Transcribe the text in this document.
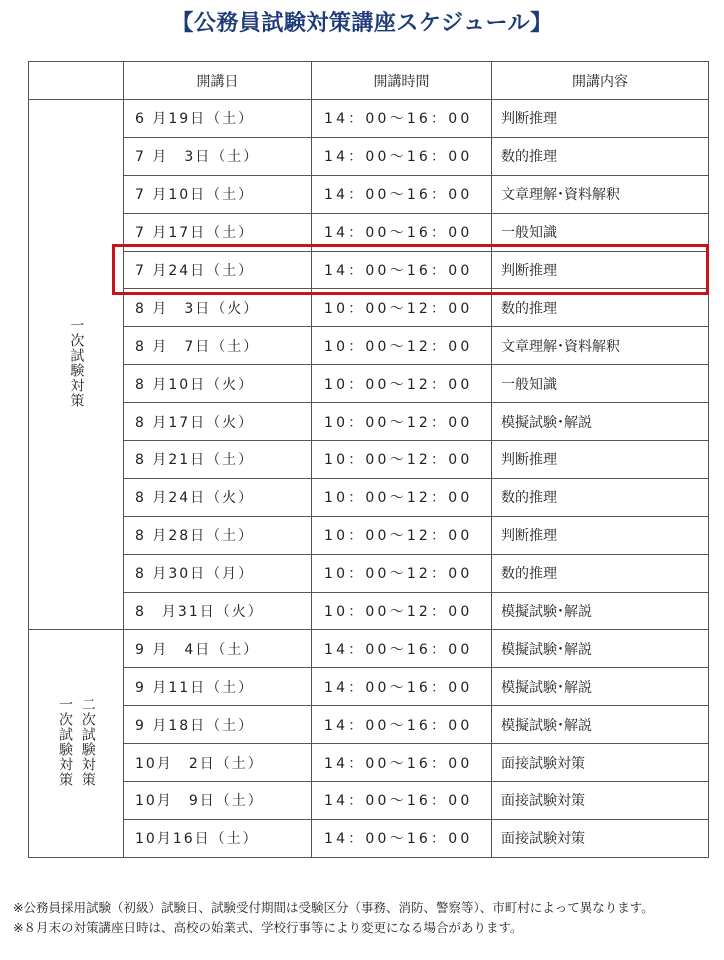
【公務員試験対策講座スケジュール】
	開講日	開講時間	開講内容

一次試験対策	6 月19日（土）	14：00～16：00	判断推理
	7 月　3日（土）	14：00～16：00	数的推理
	7 月10日（土）	14：00～16：00	文章理解･資料解釈
	7 月17日（土）	14：00～16：00	一般知識
	7 月24日（土）	14：00～16：00	判断推理
	8 月　3日（火）	10：00～12：00	数的推理
	8 月　7日（土）	10：00～12：00	文章理解･資料解釈
	8 月10日（火）	10：00～12：00	一般知識
	8 月17日（火）	10：00～12：00	模擬試験･解説
	8 月21日（土）	10：00～12：00	判断推理
	8 月24日（火）	10：00～12：00	数的推理
	8 月28日（土）	10：00～12：00	判断推理
	8 月30日（月）	10：00～12：00	数的推理
	8　月31日（火）	10：00～12：00	模擬試験･解説

二次試験対策
一次試験対策	9 月　4日（土）	14：00～16：00	模擬試験･解説
	9 月11日（土）	14：00～16：00	模擬試験･解説
	9 月18日（土）	14：00～16：00	模擬試験･解説
	10月　2日（土）	14：00～16：00	面接試験対策
	10月　9日（土）	14：00～16：00	面接試験対策
	10月16日（土）	14：00～16：00	面接試験対策
※公務員採用試験（初級）試験日、試験受付期間は受験区分（事務、消防、警察等）、市町村によって異なります。
※８月末の対策講座日時は、高校の始業式、学校行事等により変更になる場合があります。
